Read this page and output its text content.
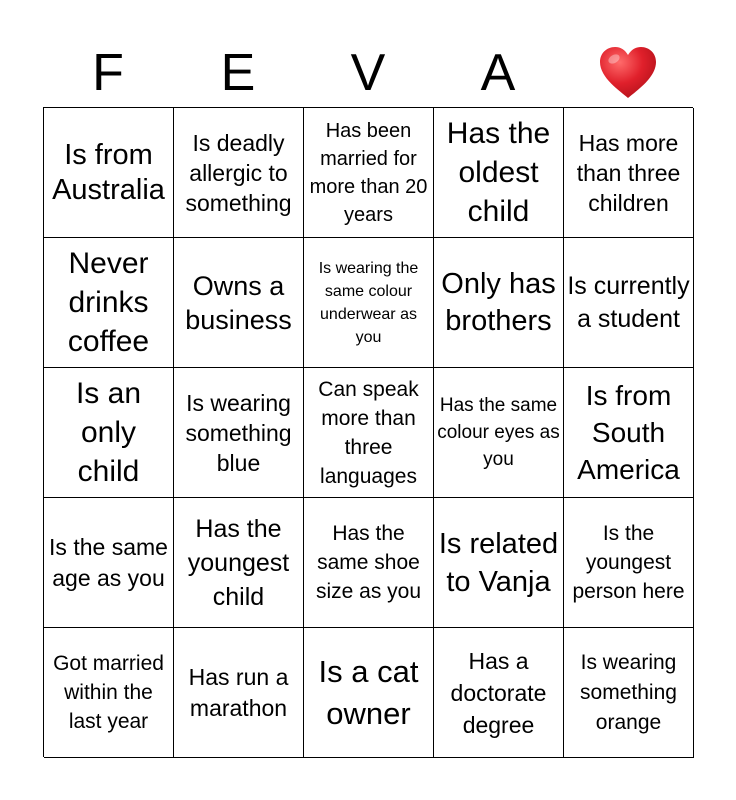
F	E	V	A
Is from Australia
Is deadly allergic to something
Has been married for more than 20 years
Has the oldest child
Has more than three children
Never drinks coffee
Owns a business
Is wearing the same colour underwear as you
Only has brothers
Is currently a student
Is an only child
Is wearing something blue
Can speak more than three languages
Has the same colour eyes as you
Is from South America
Is the same age as you
Has the youngest child
Has the same shoe size as you
Is related to Vanja
Is the youngest person here
Got married within the last year
Has run a marathon
Is a cat owner
Has a doctorate degree
Is wearing something orange
